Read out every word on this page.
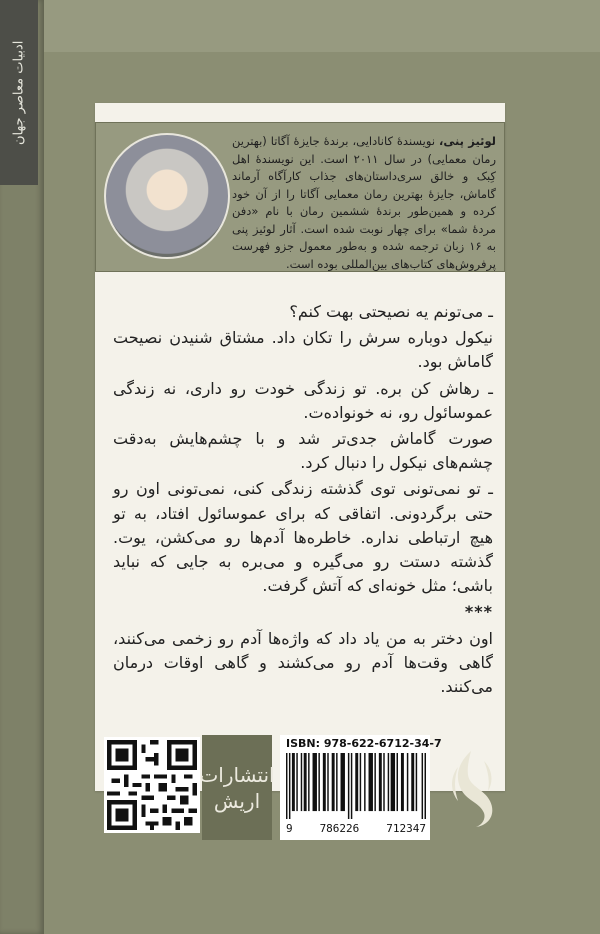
ادبیات معاصر جهان	لوئیز پنی، نویسندهٔ کانادایی، برندهٔ جایزهٔ آگاتا (بهترین رمان معمایی) در سال ۲۰۱۱ است. این نویسندهٔ اهل کِبک و خالق سری‌داستان‌های جذاب کارآگاه آرماند گاماش، جایزهٔ بهترین رمان معمایی آگاتا را از آن خود کرده و همین‌طور برندهٔ ششمین رمان با نام «دفن مردهٔ شما» برای چهار نوبت شده است. آثار لوئیز پنی به ۱۶ زبان ترجمه شده و به‌طور معمول جزو فهرست پرفروش‌های کتاب‌های بین‌المللی بوده است.

ـ می‌تونم یه نصیحتی بهت کنم؟

نیکول دوباره سرش را تکان داد. مشتاق شنیدن نصیحت گاماش بود.

ـ رهاش کن بره. تو زندگی خودت رو داری، نه زندگی عموسائول رو، نه خونواده‌ت.

صورت گاماش جدی‌تر شد و با چشم‌هایش به‌دقت چشم‌های نیکول را دنبال کرد.

ـ تو نمی‌تونی توی گذشته زندگی کنی، نمی‌تونی اون رو حتی برگردونی. اتفاقی که برای عموسائول افتاد، به تو هیچ ارتباطی نداره. خاطره‌ها آدم‌ها رو می‌کشن، یوت. گذشته دستت رو می‌گیره و می‌بره به جایی که نباید باشی؛ مثل خونه‌ای که آتش گرفت.

***

اون دختر به من یاد داد که واژه‌ها آدم رو زخمی می‌کنند، گاهی وقت‌ها آدم رو می‌کشند و گاهی اوقات درمان می‌کنند.

انتشارات
اریش
ISBN: 978-622-6712-34-7
9 786226 712347
